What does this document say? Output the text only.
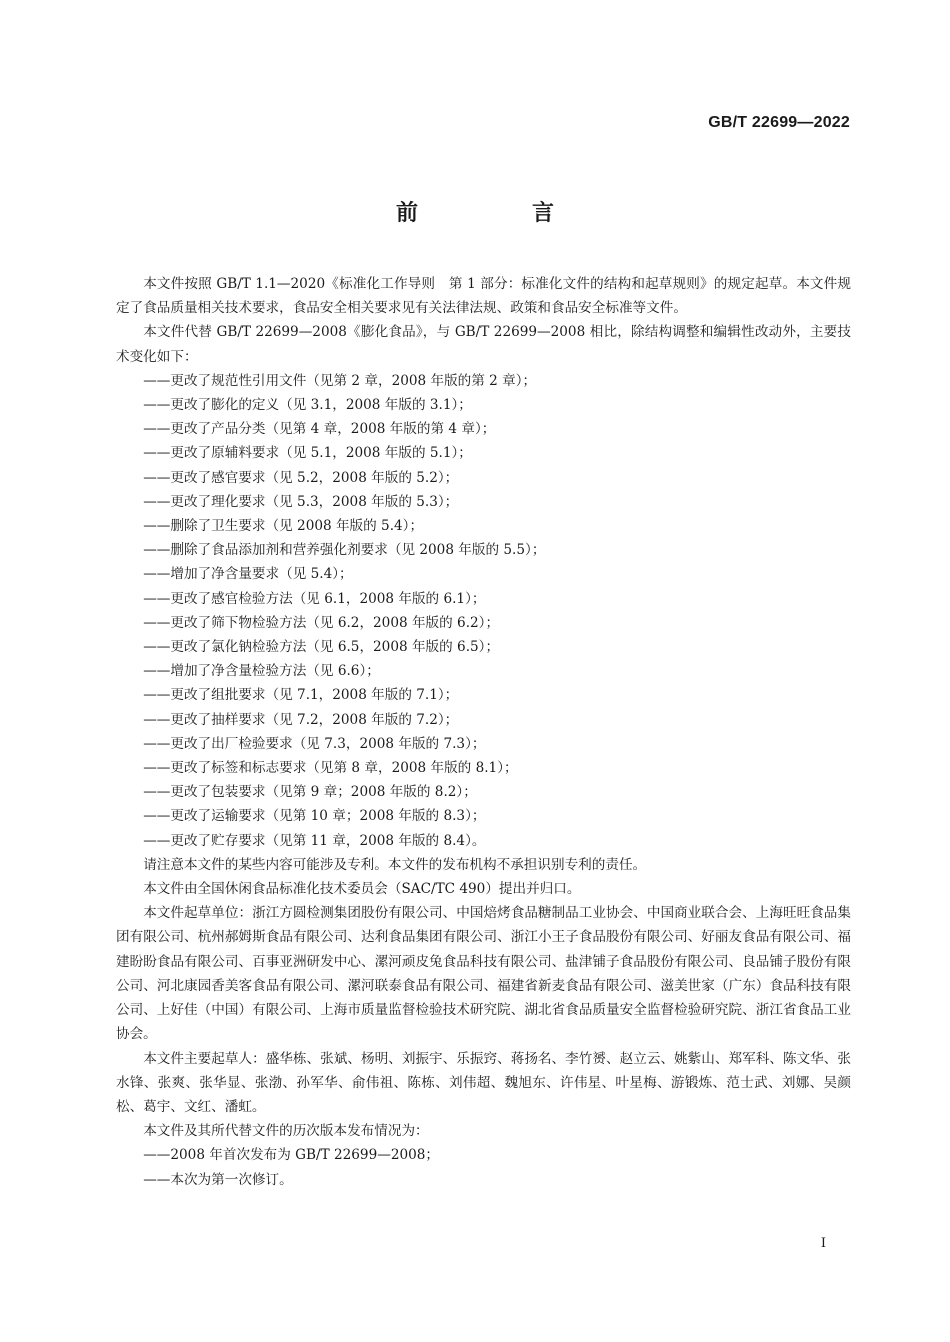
GB/T 22699—2022
前　言

本文件按照 GB/T 1.1—2020《标准化工作导则　第 1 部分：标准化文件的结构和起草规则》的规定起草。本文件规定了食品质量相关技术要求，食品安全相关要求见有关法律法规、政策和食品安全标准等文件。

本文件代替 GB/T 22699—2008《膨化食品》，与 GB/T 22699—2008 相比，除结构调整和编辑性改动外，主要技术变化如下：

——更改了规范性引用文件（见第 2 章，2008 年版的第 2 章）；
——更改了膨化的定义（见 3.1，2008 年版的 3.1）；
——更改了产品分类（见第 4 章，2008 年版的第 4 章）；
——更改了原辅料要求（见 5.1，2008 年版的 5.1）；
——更改了感官要求（见 5.2，2008 年版的 5.2）；
——更改了理化要求（见 5.3，2008 年版的 5.3）；
——删除了卫生要求（见 2008 年版的 5.4）；
——删除了食品添加剂和营养强化剂要求（见 2008 年版的 5.5）；
——增加了净含量要求（见 5.4）；
——更改了感官检验方法（见 6.1，2008 年版的 6.1）；
——更改了筛下物检验方法（见 6.2，2008 年版的 6.2）；
——更改了氯化钠检验方法（见 6.5，2008 年版的 6.5）；
——增加了净含量检验方法（见 6.6）；
——更改了组批要求（见 7.1，2008 年版的 7.1）；
——更改了抽样要求（见 7.2，2008 年版的 7.2）；
——更改了出厂检验要求（见 7.3，2008 年版的 7.3）；
——更改了标签和标志要求（见第 8 章，2008 年版的 8.1）；
——更改了包装要求（见第 9 章；2008 年版的 8.2）；
——更改了运输要求（见第 10 章；2008 年版的 8.3）；
——更改了贮存要求（见第 11 章，2008 年版的 8.4）。

请注意本文件的某些内容可能涉及专利。本文件的发布机构不承担识别专利的责任。

本文件由全国休闲食品标准化技术委员会（SAC/TC 490）提出并归口。

本文件起草单位：浙江方圆检测集团股份有限公司、中国焙烤食品糖制品工业协会、中国商业联合会、上海旺旺食品集团有限公司、杭州郝姆斯食品有限公司、达利食品集团有限公司、浙江小王子食品股份有限公司、好丽友食品有限公司、福建盼盼食品有限公司、百事亚洲研发中心、漯河顽皮兔食品科技有限公司、盐津铺子食品股份有限公司、良品铺子股份有限公司、河北康园香美客食品有限公司、漯河联泰食品有限公司、福建省新麦食品有限公司、滋美世家（广东）食品科技有限公司、上好佳（中国）有限公司、上海市质量监督检验技术研究院、湖北省食品质量安全监督检验研究院、浙江省食品工业协会。

本文件主要起草人：盛华栋、张斌、杨明、刘振宇、乐振窍、蒋扬名、李竹赟、赵立云、姚紫山、郑军科、陈文华、张水锋、张爽、张华显、张渤、孙军华、俞伟祖、陈栋、刘伟超、魏旭东、许伟星、叶星梅、游锻炼、范士武、刘娜、吴颜松、葛宇、文红、潘虹。

本文件及其所代替文件的历次版本发布情况为：

——2008 年首次发布为 GB/T 22699—2008；
——本次为第一次修订。
I
